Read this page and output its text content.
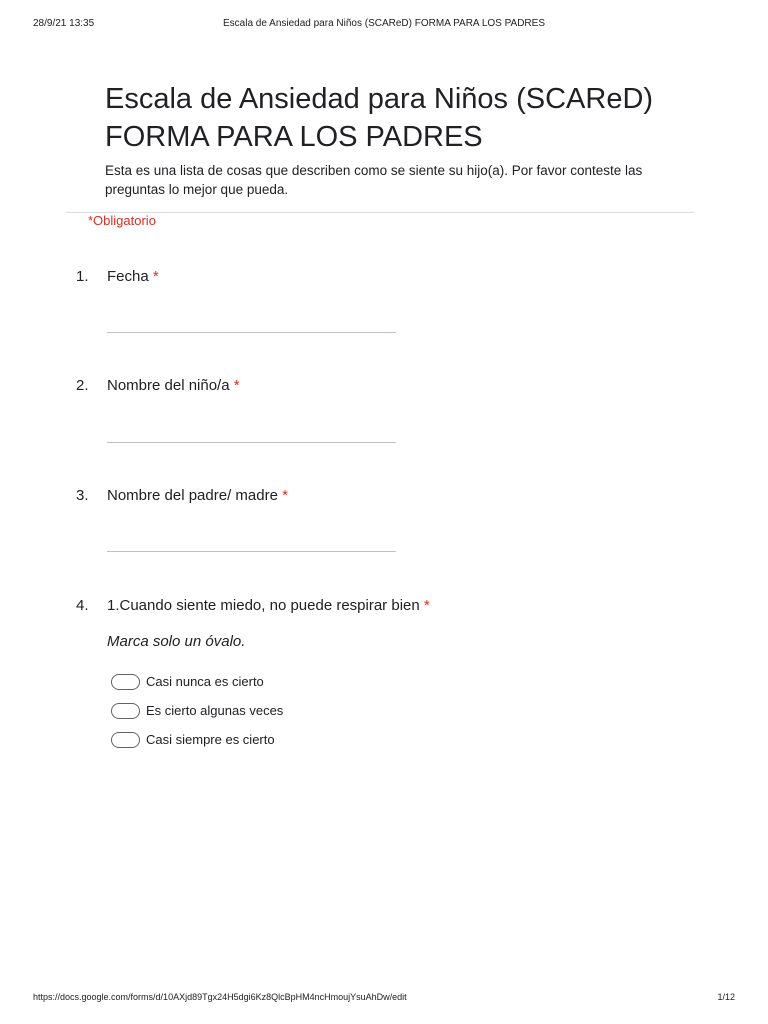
28/9/21 13:35	Escala de Ansiedad para Niños (SCAReD) FORMA PARA LOS PADRES
Escala de Ansiedad para Niños (SCAReD)
FORMA PARA LOS PADRES
Esta es una lista de cosas que describen como se siente su hijo(a). Por favor conteste las preguntas lo mejor que pueda.
*Obligatorio
1. Fecha *
2. Nombre del niño/a *
3. Nombre del padre/ madre *
4. 1.Cuando siente miedo, no puede respirar bien *
Marca solo un óvalo.
Casi nunca es cierto
Es cierto algunas veces
Casi siempre es cierto
https://docs.google.com/forms/d/10AXjd89Tgx24H5dgi6Kz8QlcBpHM4ncHmoujYsuAhDw/edit	1/12
